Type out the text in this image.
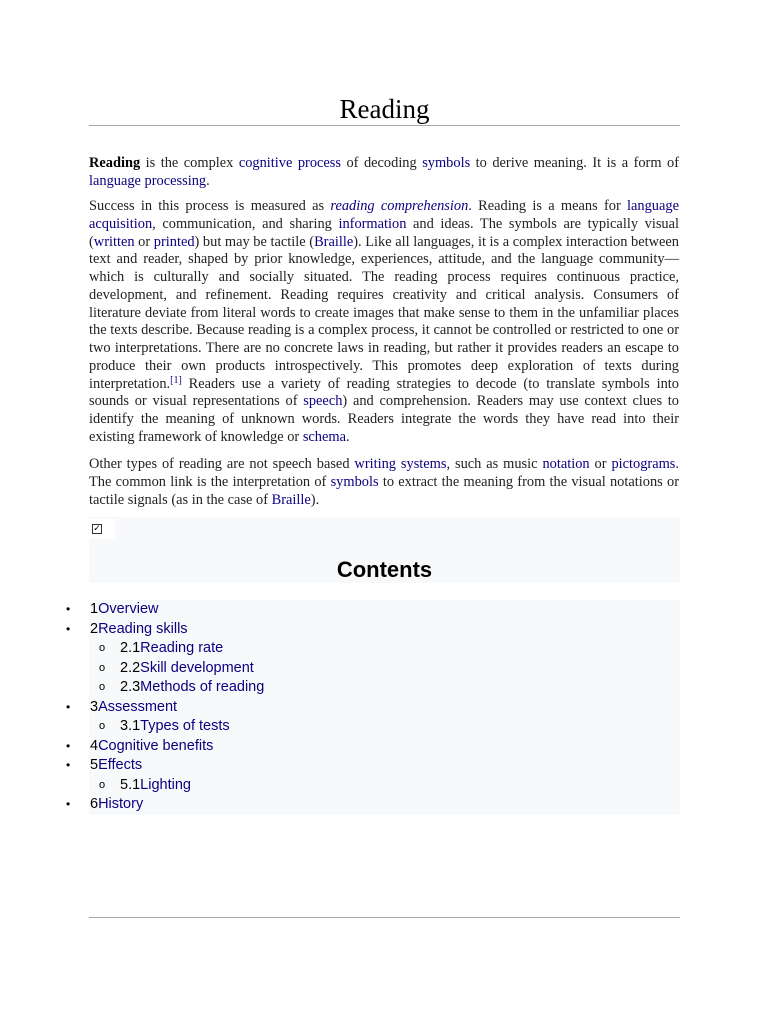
Reading

Reading is the complex cognitive process of decoding symbols to derive meaning. It is a form of language processing.

Success in this process is measured as reading comprehension. Reading is a means for language acquisition, communication, and sharing information and ideas. The symbols are typically visual (written or printed) but may be tactile (Braille). Like all languages, it is a complex interaction between text and reader, shaped by prior knowledge, experiences, attitude, and the language community—which is culturally and socially situated. The reading process requires continuous practice, development, and refinement. Reading requires creativity and critical analysis. Consumers of literature deviate from literal words to create images that make sense to them in the unfamiliar places the texts describe. Because reading is a complex process, it cannot be controlled or restricted to one or two interpretations. There are no concrete laws in reading, but rather it provides readers an escape to produce their own products introspectively. This promotes deep exploration of texts during interpretation.[1] Readers use a variety of reading strategies to decode (to translate symbols into sounds or visual representations of speech) and comprehension. Readers may use context clues to identify the meaning of unknown words. Readers integrate the words they have read into their existing framework of knowledge or schema.

Other types of reading are not speech based writing systems, such as music notation or pictograms. The common link is the interpretation of symbols to extract the meaning from the visual notations or tactile signals (as in the case of Braille).

✓
Contents
• 1Overview
• 2Reading skills
o 2.1Reading rate
o 2.2Skill development
o 2.3Methods of reading
• 3Assessment
o 3.1Types of tests
• 4Cognitive benefits
• 5Effects
o 5.1Lighting
• 6History
